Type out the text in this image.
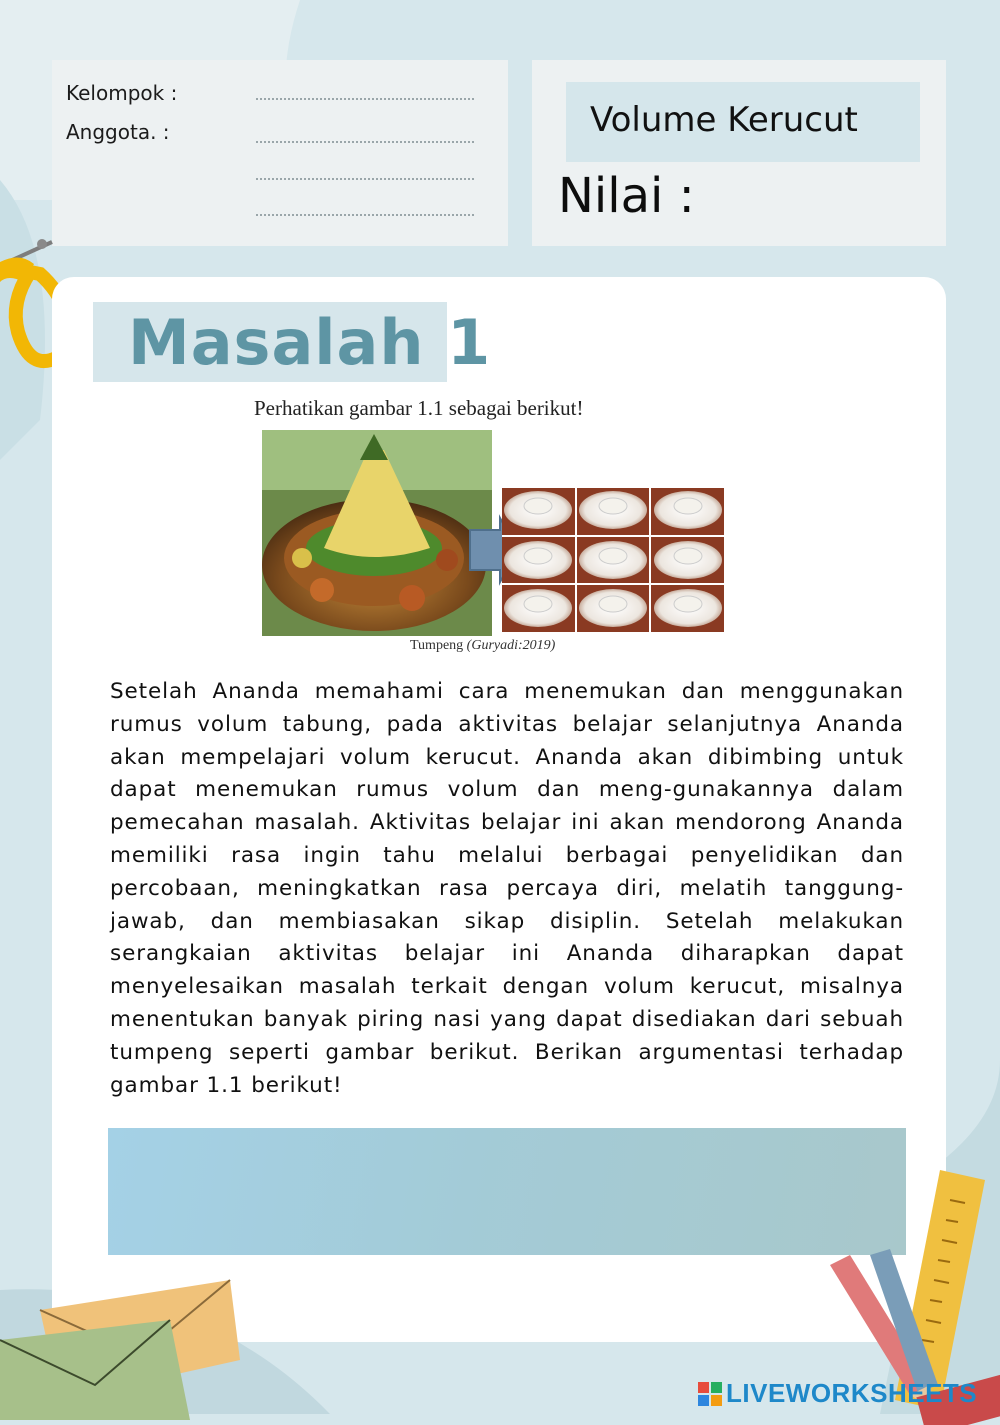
Kelompok :
Anggota. :	Volume Kerucut
Nilai :
Masalah 1
Perhatikan gambar 1.1 sebagai berikut!
Tumpeng (Guryadi:2019)

Setelah Ananda memahami cara menemukan dan menggunakan rumus volum tabung, pada aktivitas belajar selanjutnya Ananda akan mempelajari volum kerucut. Ananda akan dibimbing untuk dapat menemukan rumus volum dan meng-gunakannya dalam pemecahan masalah. Aktivitas belajar ini akan mendorong Ananda memiliki rasa ingin tahu melalui berbagai penyelidikan dan percobaan, meningkatkan rasa percaya diri, melatih tanggung-jawab, dan membiasakan sikap disiplin. Setelah melakukan serangkaian aktivitas belajar ini Ananda diharapkan dapat menyelesaikan masalah terkait dengan volum kerucut, misalnya menentukan banyak piring nasi yang dapat disediakan dari sebuah tumpeng seperti gambar berikut. Berikan argumentasi terhadap gambar 1.1 berikut!

LIVEWORKSHEETS
